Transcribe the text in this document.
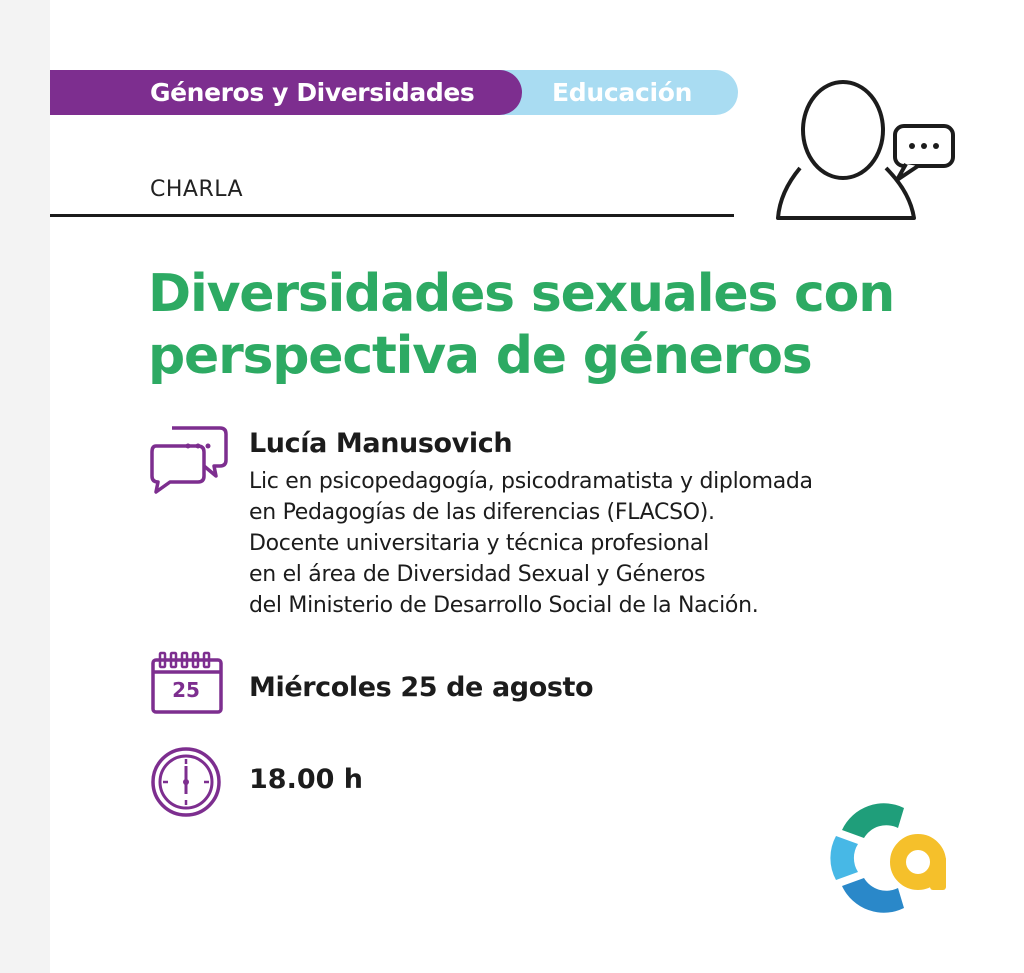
Géneros y Diversidades	Educación
CHARLA
Diversidades sexuales con perspectiva de géneros
Lucía Manusovich
Lic en psicopedagogía, psicodramatista y diplomada
en Pedagogías de las diferencias (FLACSO).
Docente universitaria y técnica profesional
en el área de Diversidad Sexual y Géneros
del Ministerio de Desarrollo Social de la Nación.
25	Miércoles 25 de agosto
18.00 h
